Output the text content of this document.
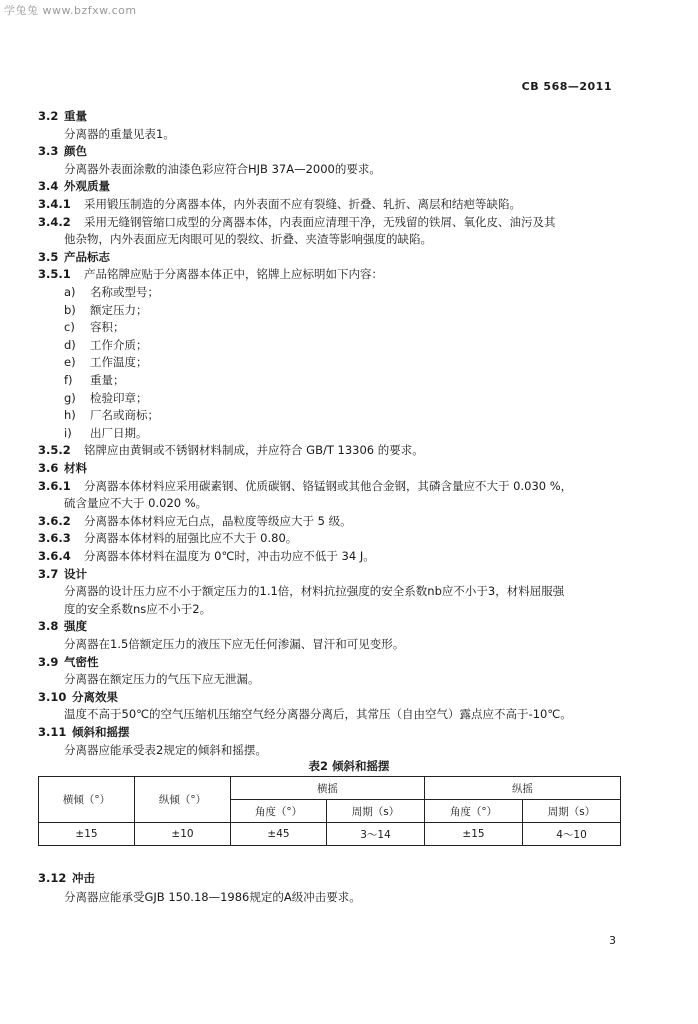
学兔兔 www.bzfxw.com
CB 568—2011
3.2 重量
分离器的重量见表1。
3.3 颜色
分离器外表面涂敷的油漆色彩应符合HJB 37A—2000的要求。
3.4 外观质量
3.4.1 采用锻压制造的分离器本体，内外表面不应有裂缝、折叠、轧折、离层和结疤等缺陷。
3.4.2 采用无缝钢管缩口成型的分离器本体，内表面应清理干净，无残留的铁屑、氧化皮、油污及其
他杂物，内外表面应无肉眼可见的裂纹、折叠、夹渣等影响强度的缺陷。
3.5 产品标志
3.5.1 产品铭牌应贴于分离器本体正中，铭牌上应标明如下内容：
a) 名称或型号；
b) 额定压力；
c) 容积；
d) 工作介质；
e) 工作温度；
f) 重量；
g) 检验印章；
h) 厂名或商标；
i) 出厂日期。
3.5.2 铭牌应由黄铜或不锈钢材料制成，并应符合 GB/T 13306 的要求。
3.6 材料
3.6.1 分离器本体材料应采用碳素钢、优质碳钢、铬锰钢或其他合金钢，其磷含量应不大于 0.030 %，
硫含量应不大于 0.020 %。
3.6.2 分离器本体材料应无白点，晶粒度等级应大于 5 级。
3.6.3 分离器本体材料的屈强比应不大于 0.80。
3.6.4 分离器本体材料在温度为 0℃时，冲击功应不低于 34 J。
3.7 设计
分离器的设计压力应不小于额定压力的1.1倍，材料抗拉强度的安全系数nb应不小于3，材料屈服强
度的安全系数ns应不小于2。
3.8 强度
分离器在1.5倍额定压力的液压下应无任何渗漏、冒汗和可见变形。
3.9 气密性
分离器在额定压力的气压下应无泄漏。
3.10 分离效果
温度不高于50℃的空气压缩机压缩空气经分离器分离后，其常压（自由空气）露点应不高于-10℃。
3.11 倾斜和摇摆
分离器应能承受表2规定的倾斜和摇摆。
表2 倾斜和摇摆
横倾（°）	纵倾（°）	横摇		纵摇	
		角度（°）	周期（s）	角度（°）	周期（s）
±15	±10	±45	3～14	±15	4～10
3.12 冲击
分离器应能承受GJB 150.18—1986规定的A级冲击要求。
3
